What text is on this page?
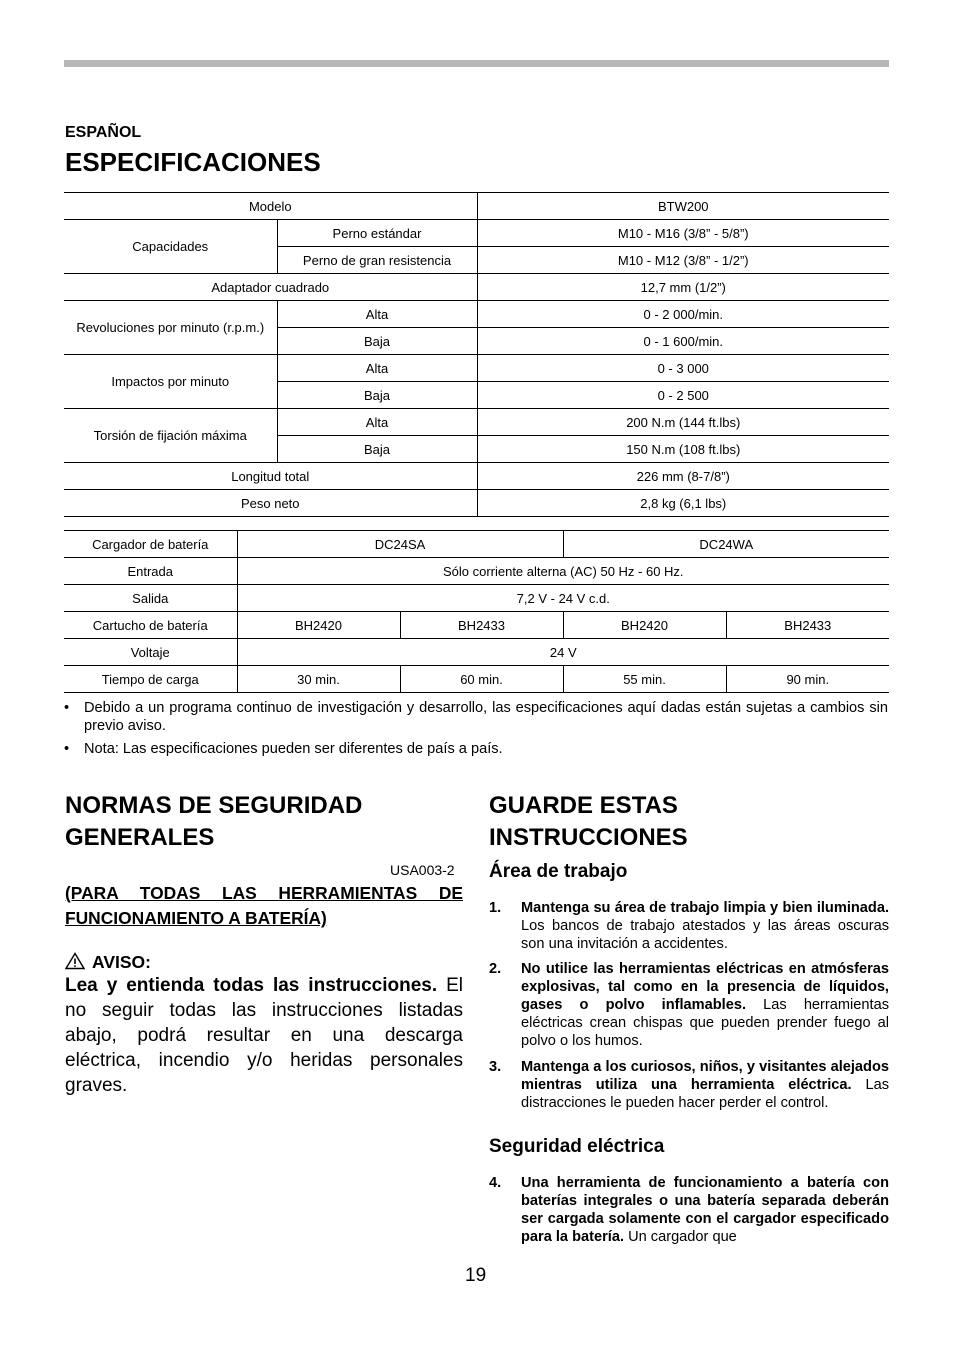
ESPAÑOL
ESPECIFICACIONES
Modelo		BTW200
Capacidades	Perno estándar	M10 - M16 (3/8” - 5/8”)
	Perno de gran resistencia	M10 - M12 (3/8” - 1/2”)
Adaptador cuadrado		12,7 mm (1/2”)
Revoluciones por minuto (r.p.m.)	Alta	0 - 2 000/min.
	Baja	0 - 1 600/min.
Impactos por minuto	Alta	0 - 3 000
	Baja	0 - 2 500
Torsión de fijación máxima	Alta	200 N.m (144 ft.lbs)
	Baja	150 N.m (108 ft.lbs)
Longitud total		226 mm (8-7/8”)
Peso neto		2,8 kg (6,1 lbs)
Cargador de batería	DC24SA		DC24WA	
Entrada	Sólo corriente alterna (AC) 50 Hz - 60 Hz.			
Salida	7,2 V - 24 V c.d.			
Cartucho de batería	BH2420	BH2433	BH2420	BH2433
Voltaje	24 V			
Tiempo de carga	30 min.	60 min.	55 min.	90 min.
• Debido a un programa continuo de investigación y desarrollo, las especificaciones aquí dadas están sujetas a cambios sin previo aviso.
• Nota: Las especificaciones pueden ser diferentes de país a país.
NORMAS DE SEGURIDAD
GENERALES
USA003-2
(PARA TODAS LAS HERRAMIENTAS DE FUNCIONAMIENTO A BATERÍA)
AVISO:
Lea y entienda todas las instrucciones. El no seguir todas las instrucciones listadas abajo, podrá resultar en una descarga eléctrica, incendio y/o heridas personales graves.
GUARDE ESTAS
INSTRUCCIONES
Área de trabajo
1. Mantenga su área de trabajo limpia y bien iluminada. Los bancos de trabajo atestados y las áreas oscuras son una invitación a accidentes.
2. No utilice las herramientas eléctricas en atmósferas explosivas, tal como en la presencia de líquidos, gases o polvo inflamables. Las herramientas eléctricas crean chispas que pueden prender fuego al polvo o los humos.
3. Mantenga a los curiosos, niños, y visitantes alejados mientras utiliza una herramienta eléctrica. Las distracciones le pueden hacer perder el control.
Seguridad eléctrica
4. Una herramienta de funcionamiento a batería con baterías integrales o una batería separada deberán ser cargada solamente con el cargador especificado para la batería. Un cargador que
19
